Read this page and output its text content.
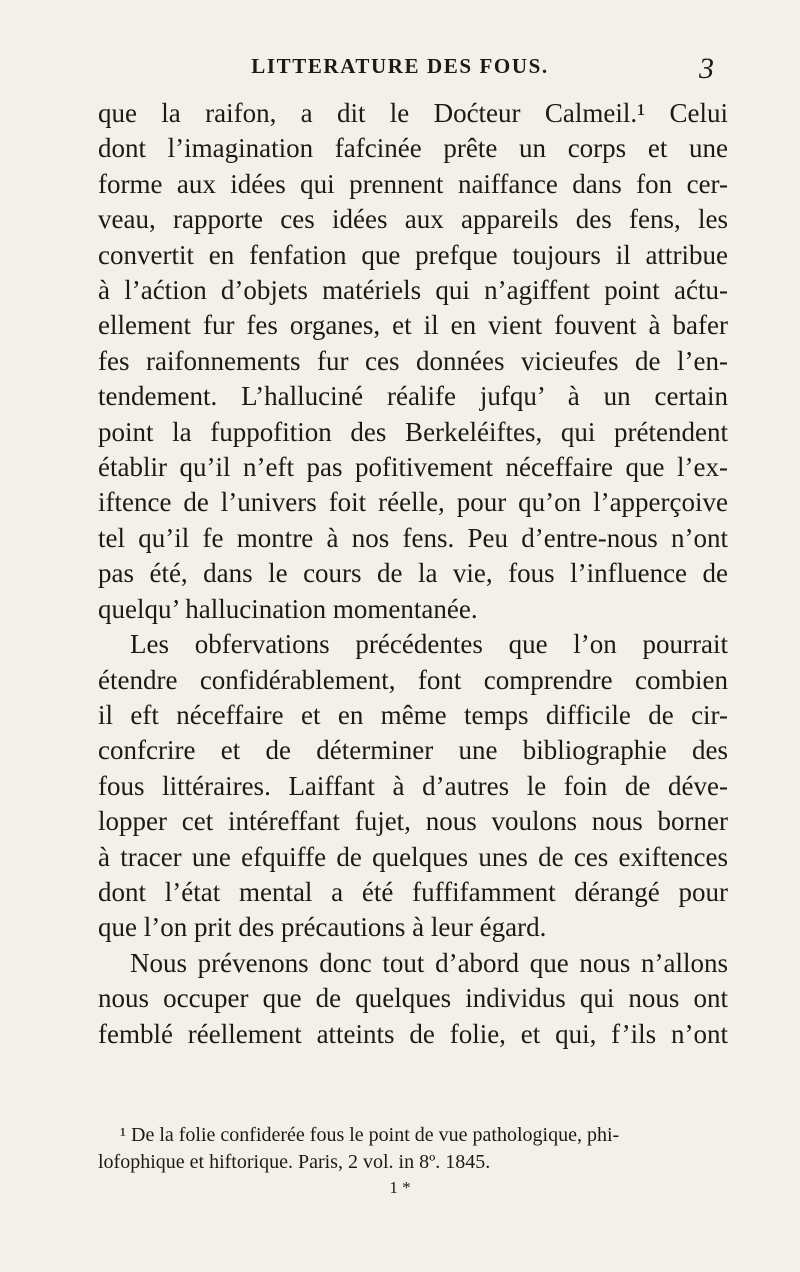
LITTERATURE DES FOUS.	3
que la raifon, a dit le Doćteur Calmeil.¹ Celui
dont l’imagination fafcinée prête un corps et une
forme aux idées qui prennent naiffance dans fon cer-
veau, rapporte ces idées aux appareils des fens, les
convertit en fenfation que prefque toujours il attribue
à l’aćtion d’objets matériels qui n’agiffent point aćtu-
ellement fur fes organes, et il en vient fouvent à bafer
fes raifonnements fur ces données vicieufes de l’en-
tendement. L’halluciné réalife jufqu’ à un certain
point la fuppofition des Berkeléiftes, qui prétendent
établir qu’il n’eft pas pofitivement néceffaire que l’ex-
iftence de l’univers foit réelle, pour qu’on l’apperçoive
tel qu’il fe montre à nos fens. Peu d’entre-nous n’ont
pas été, dans le cours de la vie, fous l’influence de
quelqu’ hallucination momentanée.
Les obfervations précédentes que l’on pourrait
étendre confidérablement, font comprendre combien
il eft néceffaire et en même temps difficile de cir-
confcrire et de déterminer une bibliographie des
fous littéraires. Laiffant à d’autres le foin de déve-
lopper cet intéreffant fujet, nous voulons nous borner
à tracer une efquiffe de quelques unes de ces exiftences
dont l’état mental a été fuffifamment dérangé pour
que l’on prit des précautions à leur égard.
Nous prévenons donc tout d’abord que nous n’allons
nous occuper que de quelques individus qui nous ont
femblé réellement atteints de folie, et qui, f’ils n’ont
¹ De la folie confiderée fous le point de vue pathologique, phi-
lofophique et hiftorique. Paris, 2 vol. in 8º. 1845.
1 *
